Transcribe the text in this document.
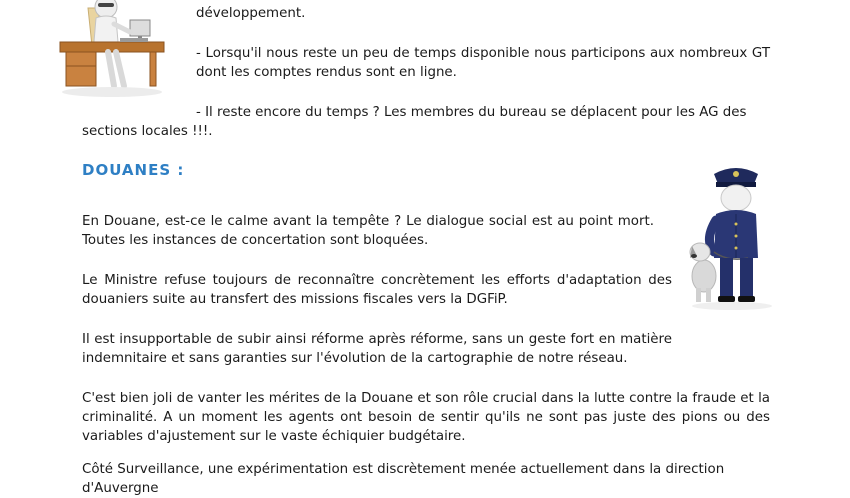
développement.

- Lorsqu'il nous reste un peu de temps disponible nous participons aux nombreux GT dont les comptes rendus sont en ligne.

- Il reste encore du temps ? Les membres du bureau se déplacent pour les AG des

sections locales !!!.

DOUANES :

En Douane, est-ce le calme avant la tempête ? Le dialogue social est au point mort. Toutes les instances de concertation sont bloquées.

Le Ministre refuse toujours de reconnaître concrètement les efforts d'adaptation des douaniers suite au transfert des missions fiscales vers la DGFiP.

Il est insupportable de subir ainsi réforme après réforme, sans un geste fort en matière indemnitaire et sans garanties sur l'évolution de la cartographie de notre réseau.

C'est bien joli de vanter les mérites de la Douane et son rôle crucial dans la lutte contre la fraude et la criminalité. A un moment les agents ont besoin de sentir qu'ils ne sont pas juste des pions ou des variables d'ajustement sur le vaste échiquier budgétaire.

Côté Surveillance, une expérimentation est discrètement menée actuellement dans la direction d'Auvergne
